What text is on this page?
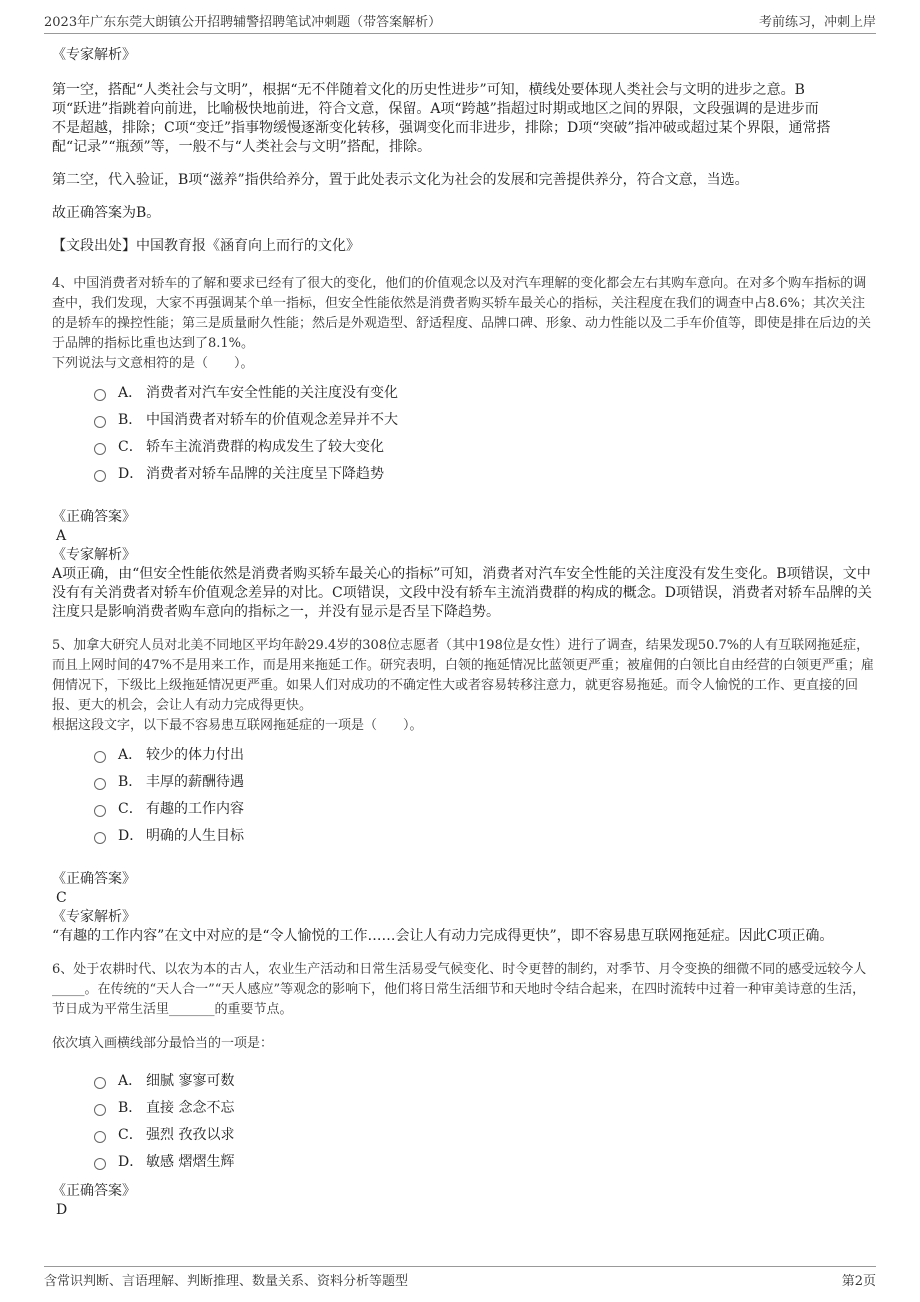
2023年广东东莞大朗镇公开招聘辅警招聘笔试冲刺题（带答案解析）	考前练习，冲刺上岸

《专家解析》

第一空，搭配“人类社会与文明”，根据“无不伴随着文化的历史性进步”可知，横线处要体现人类社会与文明的进步之意。B项“跃进”指跳着向前进，比喻极快地前进，符合文意，保留。A项“跨越”指超过时期或地区之间的界限，文段强调的是进步而不是超越，排除；C项“变迁”指事物缓慢逐渐变化转移，强调变化而非进步，排除；D项“突破”指冲破或超过某个界限，通常搭配“记录”“瓶颈”等，一般不与“人类社会与文明”搭配，排除。

第二空，代入验证，B项“滋养”指供给养分，置于此处表示文化为社会的发展和完善提供养分，符合文意，当选。

故正确答案为B。

【文段出处】中国教育报《涵育向上而行的文化》

4、中国消费者对轿车的了解和要求已经有了很大的变化，他们的价值观念以及对汽车理解的变化都会左右其购车意向。在对多个购车指标的调查中，我们发现，大家不再强调某个单一指标，但安全性能依然是消费者购买轿车最关心的指标，关注程度在我们的调查中占8.6%；其次关注的是轿车的操控性能；第三是质量耐久性能；然后是外观造型、舒适程度、品牌口碑、形象、动力性能以及二手车价值等，即使是排在后边的关于品牌的指标比重也达到了8.1%。

下列说法与文意相符的是（　　）。

A． 消费者对汽车安全性能的关注度没有变化
B． 中国消费者对轿车的价值观念差异并不大
C． 轿车主流消费群的构成发生了较大变化
D． 消费者对轿车品牌的关注度呈下降趋势

《正确答案》

A

《专家解析》

A项正确，由“但安全性能依然是消费者购买轿车最关心的指标”可知，消费者对汽车安全性能的关注度没有发生变化。B项错误，文中没有有关消费者对轿车价值观念差异的对比。C项错误，文段中没有轿车主流消费群的构成的概念。D项错误，消费者对轿车品牌的关注度只是影响消费者购车意向的指标之一，并没有显示是否呈下降趋势。

5、加拿大研究人员对北美不同地区平均年龄29.4岁的308位志愿者（其中198位是女性）进行了调查，结果发现50.7%的人有互联网拖延症，而且上网时间的47%不是用来工作，而是用来拖延工作。研究表明，白领的拖延情况比蓝领更严重；被雇佣的白领比自由经营的白领更严重；雇佣情况下，下级比上级拖延情况更严重。如果人们对成功的不确定性大或者容易转移注意力，就更容易拖延。而令人愉悦的工作、更直接的回报、更大的机会，会让人有动力完成得更快。

根据这段文字，以下最不容易患互联网拖延症的一项是（　　）。

A． 较少的体力付出
B． 丰厚的薪酬待遇
C． 有趣的工作内容
D． 明确的人生目标

《正确答案》

C

《专家解析》

“有趣的工作内容”在文中对应的是“令人愉悦的工作……会让人有动力完成得更快”，即不容易患互联网拖延症。因此C项正确。

6、处于农耕时代、以农为本的古人，农业生产活动和日常生活易受气候变化、时令更替的制约，对季节、月令变换的细微不同的感受远较今人_____。在传统的“天人合一”“天人感应”等观念的影响下，他们将日常生活细节和天地时令结合起来，在四时流转中过着一种审美诗意的生活，节日成为平常生活里_______的重要节点。

依次填入画横线部分最恰当的一项是：

A． 细腻 寥寥可数
B． 直接 念念不忘
C． 强烈 孜孜以求
D． 敏感 熠熠生辉

《正确答案》

D

含常识判断、言语理解、判断推理、数量关系、资料分析等题型	第2页
